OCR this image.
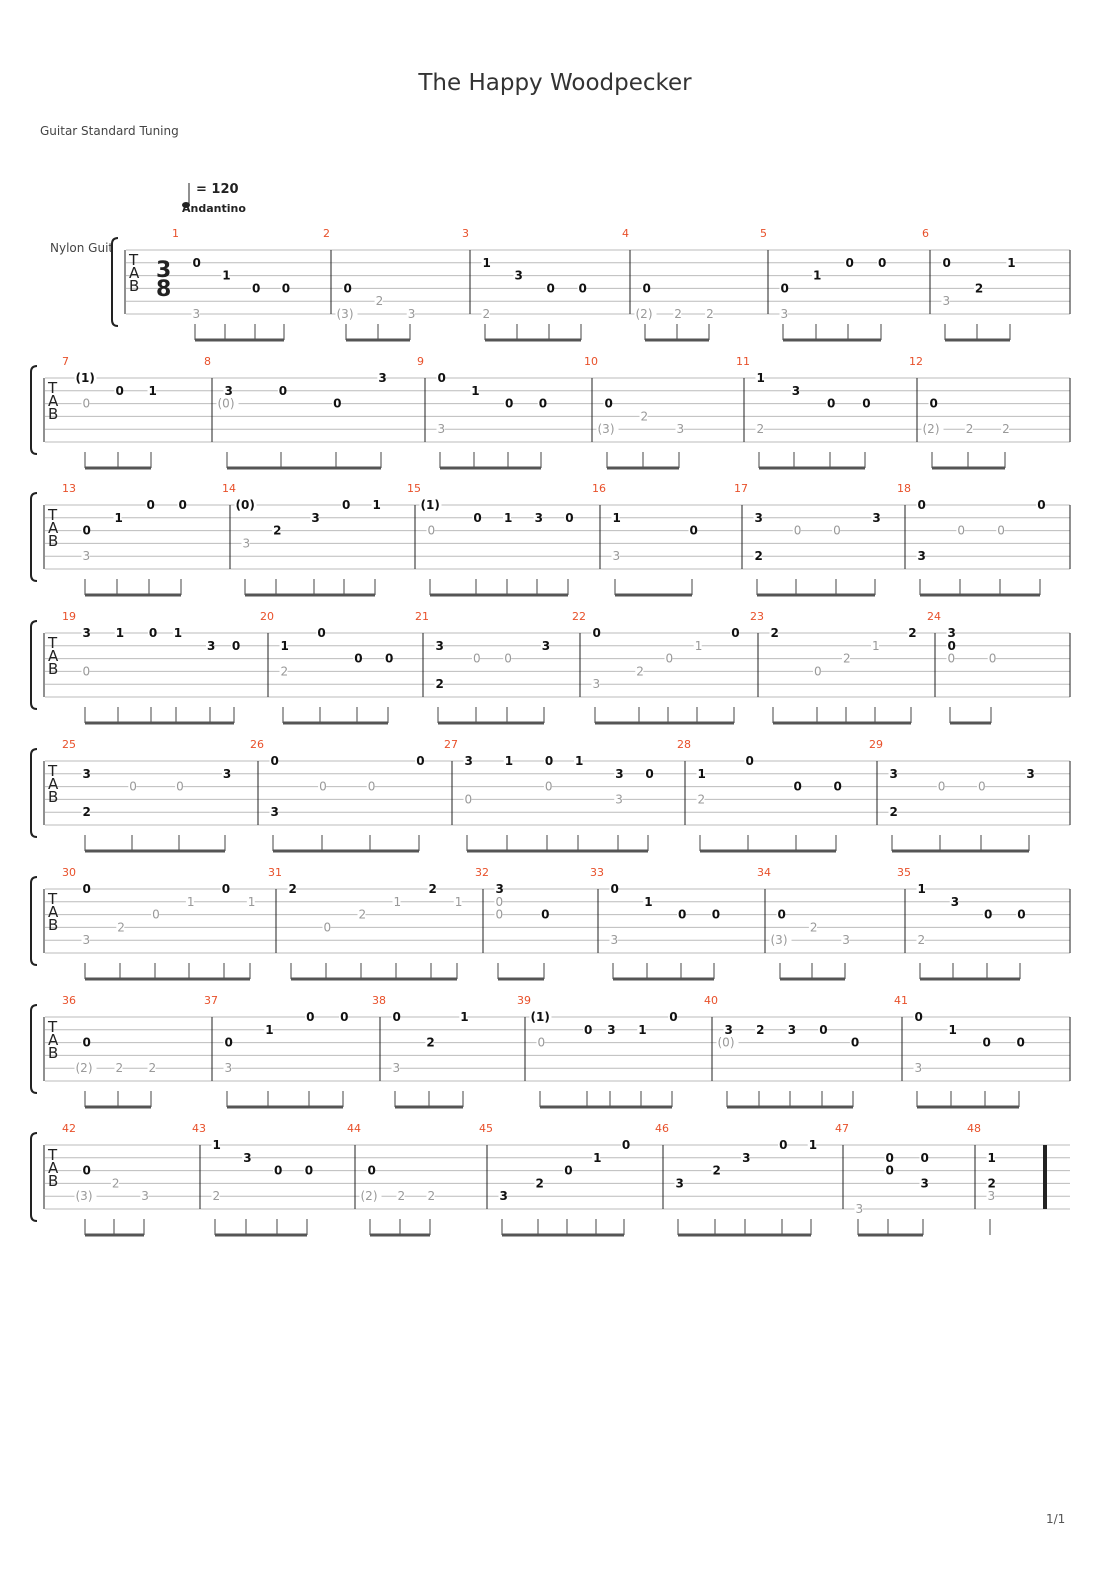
The Happy Woodpecker
Guitar Standard Tuning
1/1
= 120
Andantino
Nylon Guit
T
A
B
3
8
1
0
1
0 0
3
2
0
2
3
(3)
3
1
3
0 0
2
4
0
2 2
(2)
5
0
1
0 0
3
6
0
2
1
3
T
A
B
7
(1)
0 1
0
8
3	0
0
3
(0)
9
0
1
0 0
3
10
0
2
3
(3)
11
1
3
0 0
2
12
0
2 2
(2)
T
A
B
13
0
1
0 0
3
14
(0)
2
3
0 1
3
15
(1)
0 1 3 0
0
16
1
0
3
17
3
0	0
3
2
18
0
0	0
0
3
T
A
B
19
3 1 0 1
3 0
0
20
1
0
0 0
2
21
3
0 0
3
2
22
0
2
0
1
0
3
23
2
0
2
1
2
24
3
0
0	0
T
A
B
25
3
0	0
3
2
26
0
0	0
0
3
27
3	1	0 1
3 0
0
0
3
28
1
0
0	0
2
29
3
0	0
3
2
T
A
B
30
0
2
0
1
0
1
3
31
2
0
2
1
2
1
32
3
0
0	0
33
0
1
0 0
3
34
0
2
3
(3)
35
1
3
0 0
2
T
A
B
36
0
2 2
(2)
37
0
1
0 0
3
38
0
2
1
3
39
(1)
0 3 1
0
0
40
3 2 3 0
0
(0)
41
0
1
0 0
3
T
A
B
42
0
2
3
(3)
43
1
3
0 0
2
44
0
2 2
(2)
45
3
2
0
1
0
46
3
2
3
0 1
47
0 0
0
3
3
48
1
2
3
